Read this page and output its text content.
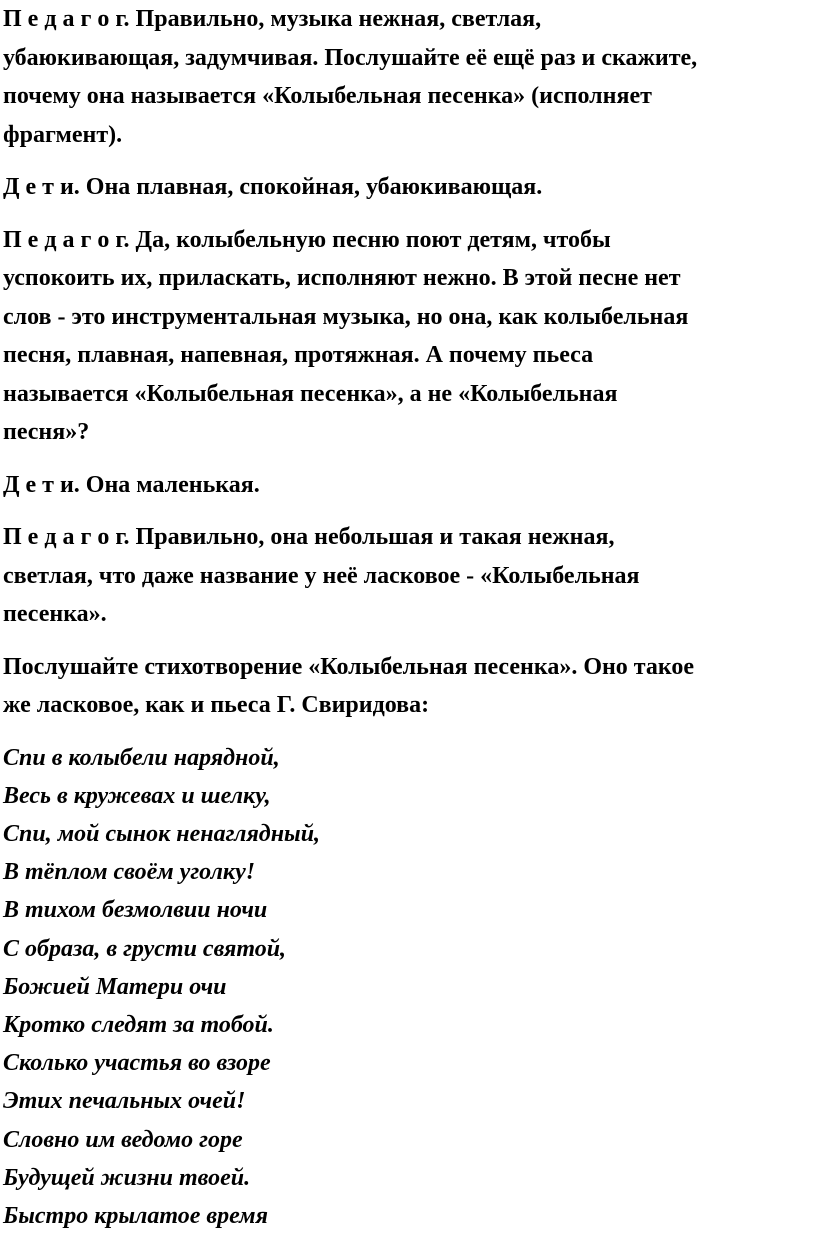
П е д а г о г. Правильно, музыка нежная, светлая,
убаюкивающая, задумчивая. Послушайте её ещё раз и скажите,
почему она называется «Колыбельная песенка» (исполняет
фрагмент).

Д е т и. Она плавная, спокойная, убаюкивающая.

П е д а г о г. Да, колыбельную песню поют детям, чтобы
успокоить их, приласкать, исполняют нежно. В этой песне нет
слов - это инструментальная музыка, но она, как колыбельная
песня, плавная, напевная, протяжная. А почему пьеса
называется «Колыбельная песенка», а не «Колыбельная
песня»?

Д е т и. Она маленькая.

П е д а г о г. Правильно, она небольшая и такая нежная,
светлая, что даже название у неё ласковое - «Колыбельная
песенка».

Послушайте стихотворение «Колыбельная песенка». Оно такое
же ласковое, как и пьеса Г. Свиридова:

Спи в колыбели нарядной,
Весь в кружевах и шелку,
Спи, мой сынок ненаглядный,
В тёплом своём уголку!
В тихом безмолвии ночи
С образа, в грусти святой,
Божией Матери очи
Кротко следят за тобой.
Сколько участья во взоре
Этих печальных очей!
Словно им ведомо горе
Будущей жизни твоей.
Быстро крылатое время
